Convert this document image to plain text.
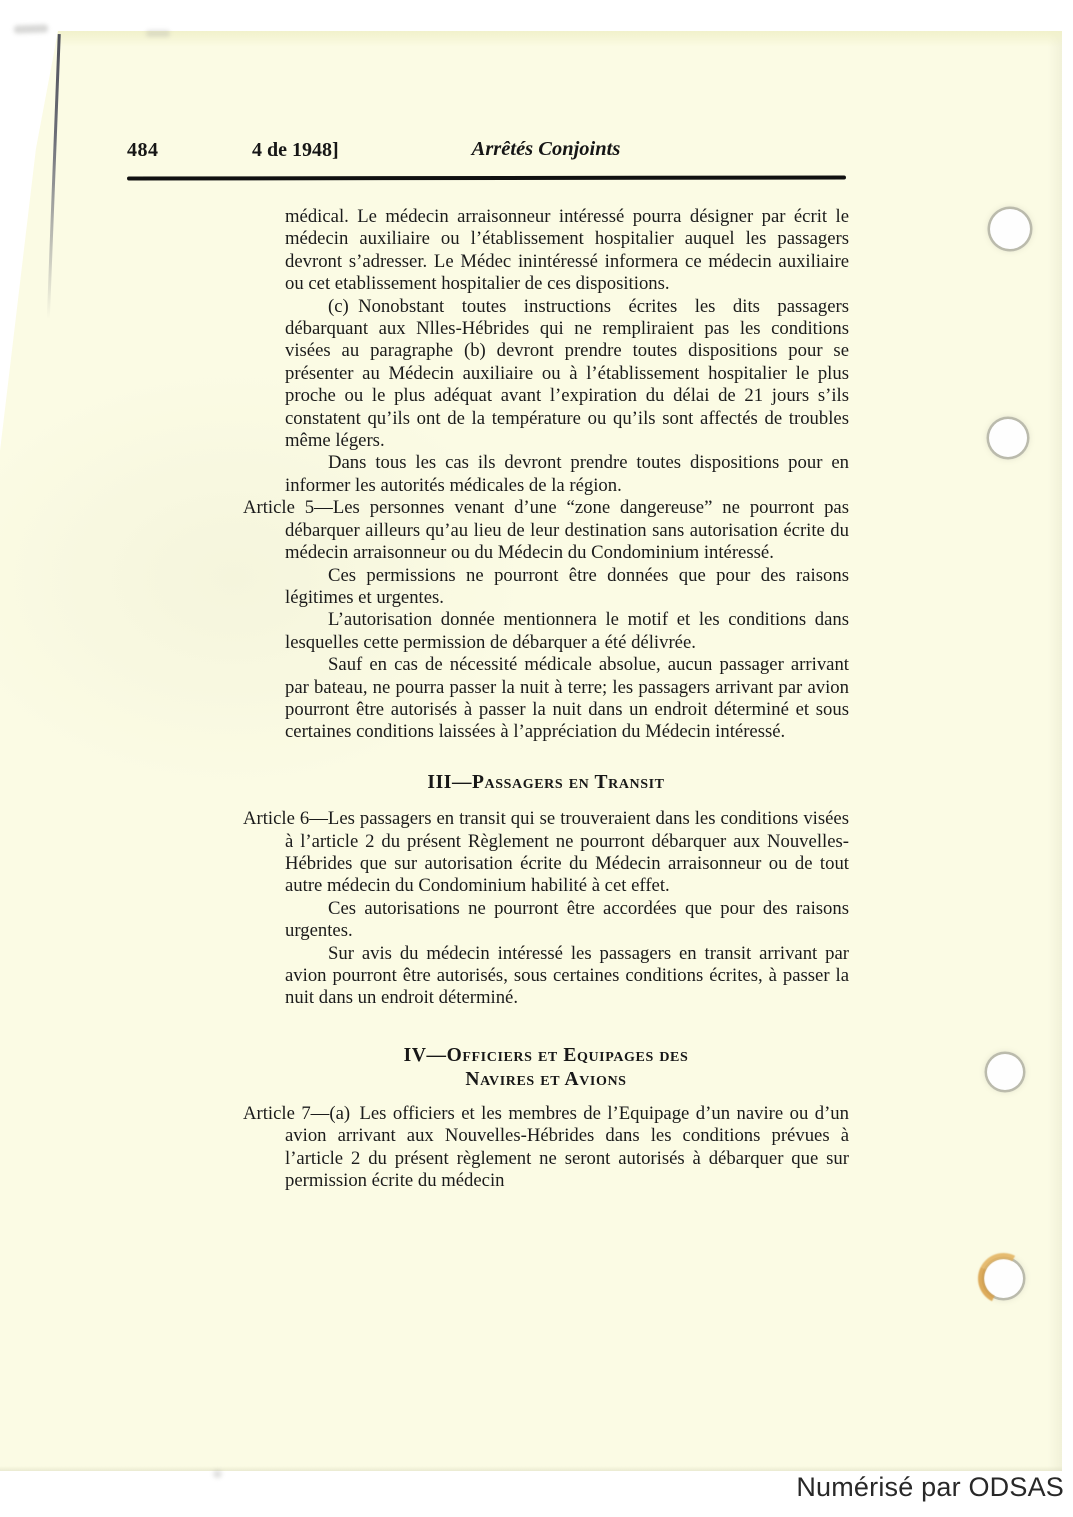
484	4 de 1948]	Arrêtés Conjoints

médical. Le médecin arraisonneur intéressé pourra désigner par écrit le médecin auxiliaire ou l’établissement hospitalier auquel les passagers devront s’adresser. Le Médec inintéressé informera ce médecin auxiliaire ou cet etablissement hospitalier de ces dispositions.

(c) Nonobstant toutes instructions écrites les dits passagers débarquant aux Nlles-Hébrides qui ne rempliraient pas les conditions visées au paragraphe (b) devront prendre toutes dispositions pour se présenter au Médecin auxiliaire ou à l’établissement hospitalier le plus proche ou le plus adéquat avant l’expiration du délai de 21 jours s’ils constatent qu’ils ont de la température ou qu’ils sont affectés de troubles même légers.

Dans tous les cas ils devront prendre toutes dispositions pour en informer les autorités médicales de la région.

Article 5—Les personnes venant d’une “zone dangereuse” ne pourront pas débarquer ailleurs qu’au lieu de leur destination sans autorisation écrite du médecin arraisonneur ou du Médecin du Condominium intéressé.

Ces permissions ne pourront être données que pour des raisons légitimes et urgentes.

L’autorisation donnée mentionnera le motif et les conditions dans lesquelles cette permission de débarquer a été délivrée.

Sauf en cas de nécessité médicale absolue, aucun passager arrivant par bateau, ne pourra passer la nuit à terre; les passagers arrivant par avion pourront être autorisés à passer la nuit dans un endroit déterminé et sous certaines conditions laissées à l’appréciation du Médecin intéressé.

III—Passagers en Transit

Article 6—Les passagers en transit qui se trouveraient dans les conditions visées à l’article 2 du présent Règlement ne pourront débarquer aux Nouvelles-Hébrides que sur autorisation écrite du Médecin arraisonneur ou de tout autre médecin du Condominium habilité à cet effet.

Ces autorisations ne pourront être accordées que pour des raisons urgentes.

Sur avis du médecin intéressé les passagers en transit arrivant par avion pourront être autorisés, sous certaines conditions écrites, à passer la nuit dans un endroit déterminé.

IV—Officiers et Equipages des
Navires et Avions

Article 7—(a) Les officiers et les membres de l’Equipage d’un navire ou d’un avion arrivant aux Nouvelles-Hébrides dans les conditions prévues à l’article 2 du présent règlement ne seront autorisés à débarquer que sur permission écrite du médecin

Numérisé par ODSAS
